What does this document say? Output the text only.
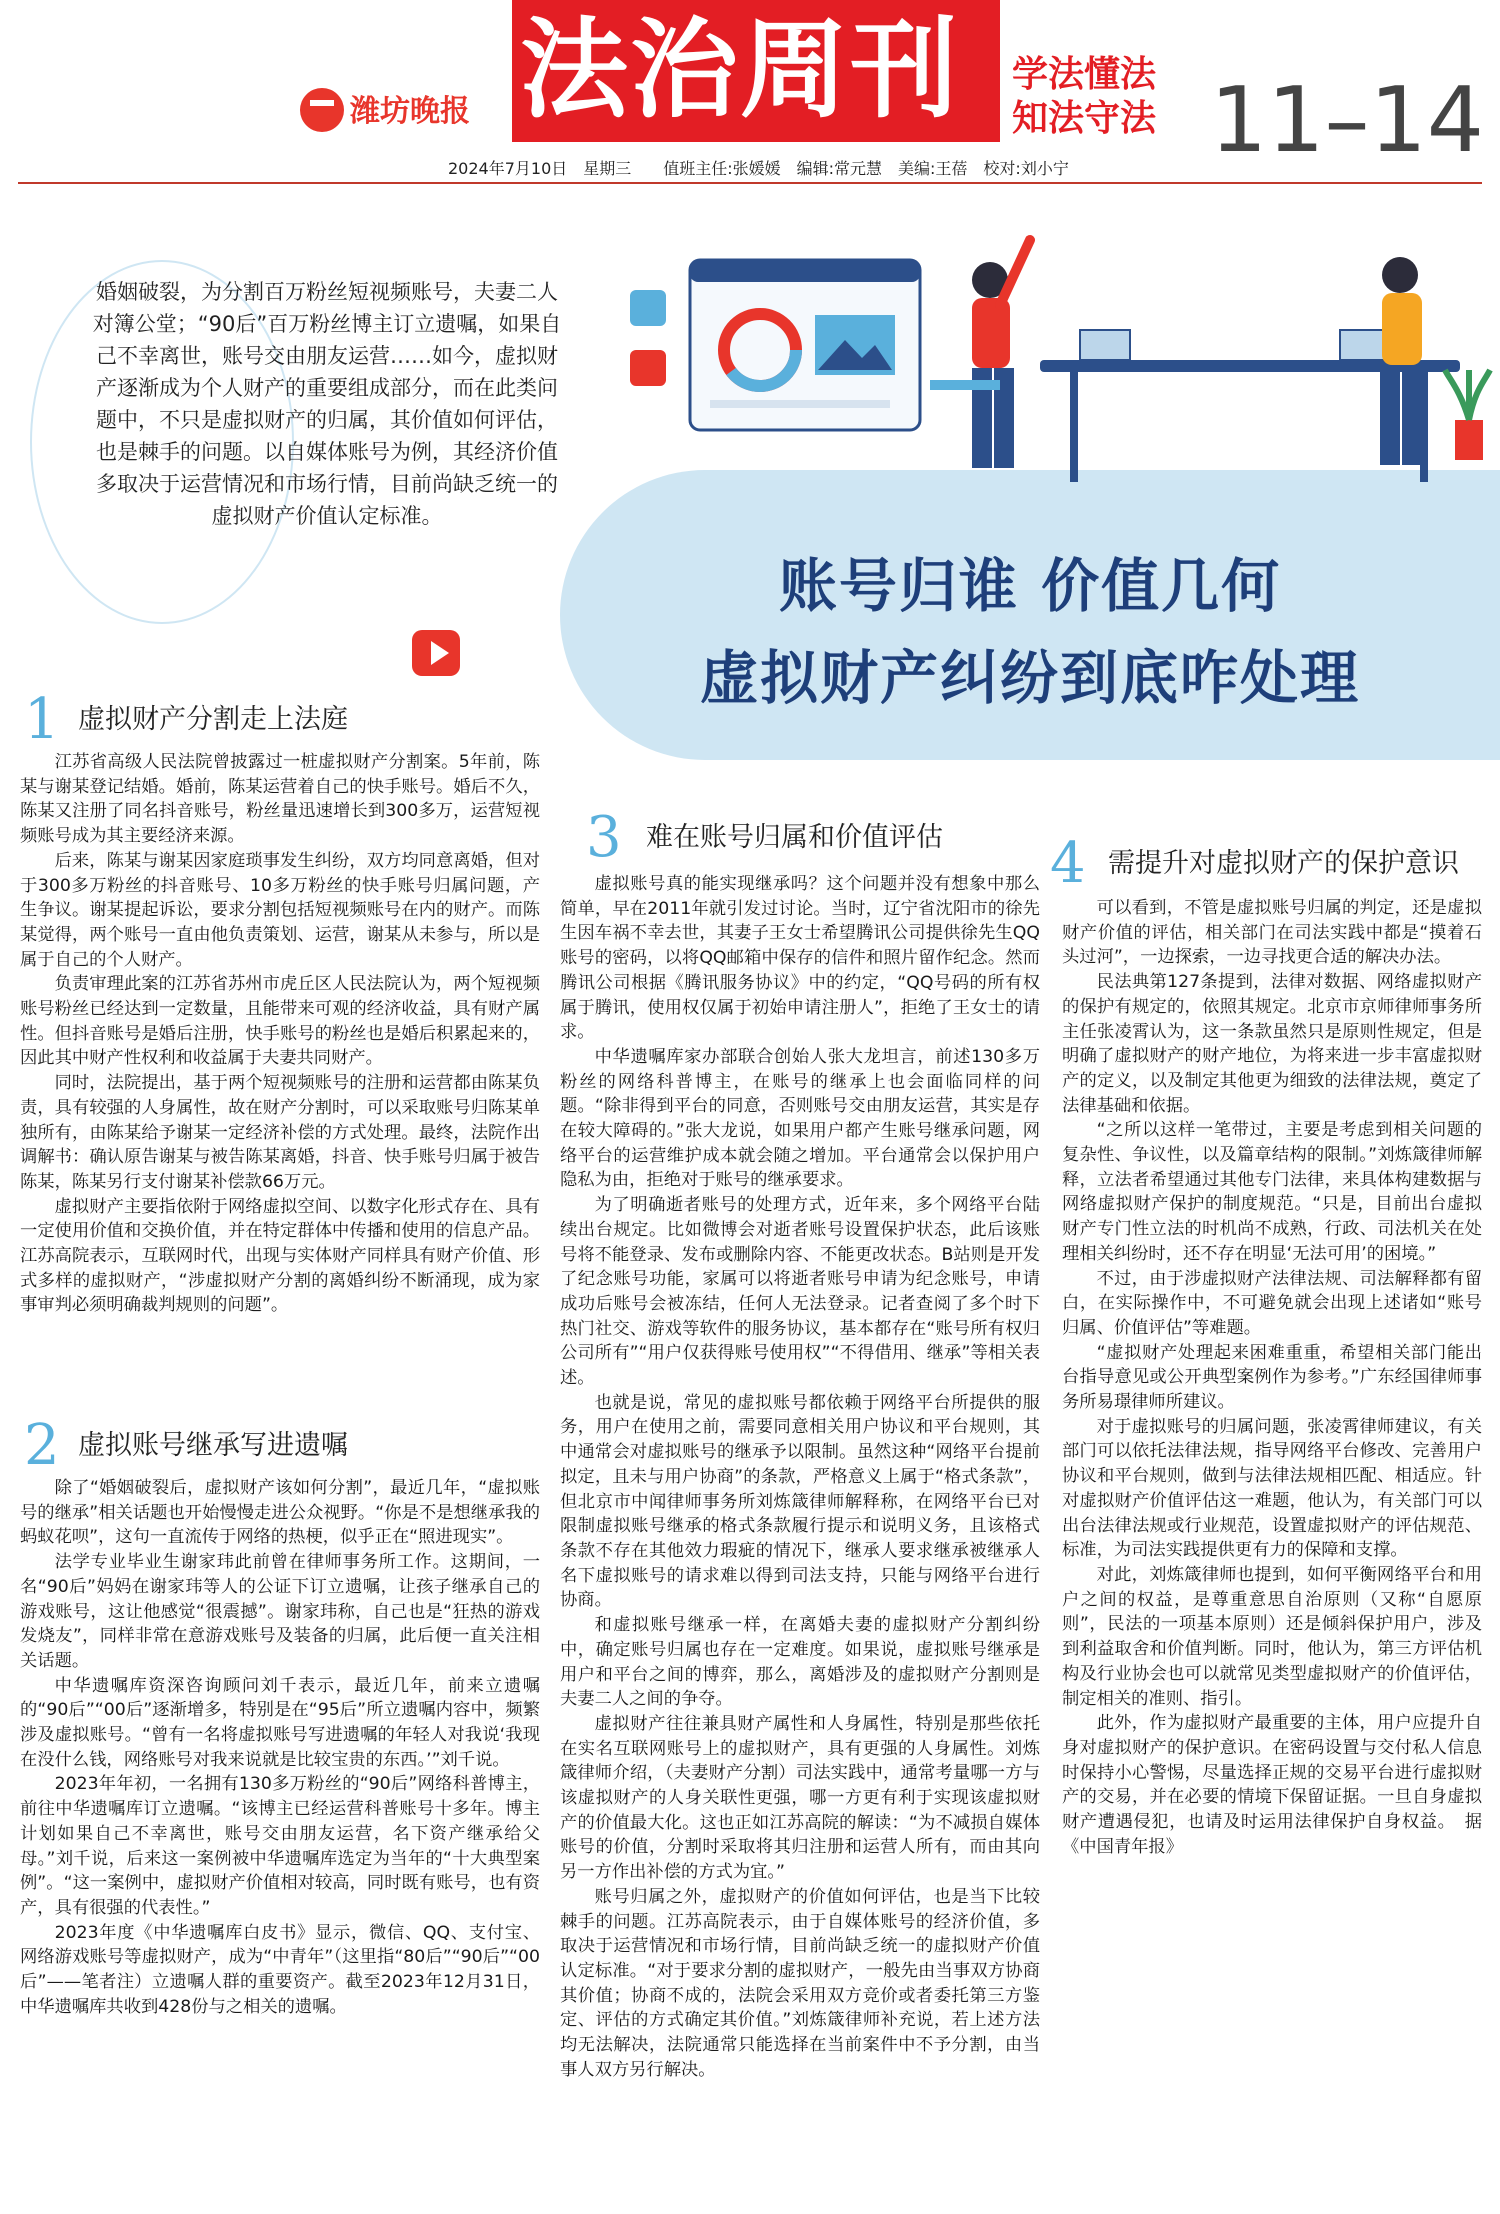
潍坊晚报 法治周刊 学法懂法
知法守法 11–14
2024年7月10日　星期三　　值班主任:张媛媛　编辑:常元慧　美编:王蓓　校对:刘小宁
婚姻破裂，为分割百万粉丝短视频账号，夫妻二人对簿公堂；“90后”百万粉丝博主订立遗嘱，如果自己不幸离世，账号交由朋友运营……如今，虚拟财产逐渐成为个人财产的重要组成部分，而在此类问题中，不只是虚拟财产的归属，其价值如何评估，也是棘手的问题。以自媒体账号为例，其经济价值多取决于运营情况和市场行情，目前尚缺乏统一的虚拟财产价值认定标准。
账号归谁 价值几何
虚拟财产纠纷到底咋处理
1 虚拟财产分割走上法庭

江苏省高级人民法院曾披露过一桩虚拟财产分割案。5年前，陈某与谢某登记结婚。婚前，陈某运营着自己的快手账号。婚后不久，陈某又注册了同名抖音账号，粉丝量迅速增长到300多万，运营短视频账号成为其主要经济来源。

后来，陈某与谢某因家庭琐事发生纠纷，双方均同意离婚，但对于300多万粉丝的抖音账号、10多万粉丝的快手账号归属问题，产生争议。谢某提起诉讼，要求分割包括短视频账号在内的财产。而陈某觉得，两个账号一直由他负责策划、运营，谢某从未参与，所以是属于自己的个人财产。

负责审理此案的江苏省苏州市虎丘区人民法院认为，两个短视频账号粉丝已经达到一定数量，且能带来可观的经济收益，具有财产属性。但抖音账号是婚后注册，快手账号的粉丝也是婚后积累起来的，因此其中财产性权利和收益属于夫妻共同财产。

同时，法院提出，基于两个短视频账号的注册和运营都由陈某负责，具有较强的人身属性，故在财产分割时，可以采取账号归陈某单独所有，由陈某给予谢某一定经济补偿的方式处理。最终，法院作出调解书：确认原告谢某与被告陈某离婚，抖音、快手账号归属于被告陈某，陈某另行支付谢某补偿款66万元。

虚拟财产主要指依附于网络虚拟空间、以数字化形式存在、具有一定使用价值和交换价值，并在特定群体中传播和使用的信息产品。江苏高院表示，互联网时代，出现与实体财产同样具有财产价值、形式多样的虚拟财产，“涉虚拟财产分割的离婚纠纷不断涌现，成为家事审判必须明确裁判规则的问题”。

2 虚拟账号继承写进遗嘱

除了“婚姻破裂后，虚拟财产该如何分割”，最近几年，“虚拟账号的继承”相关话题也开始慢慢走进公众视野。“你是不是想继承我的蚂蚁花呗”，这句一直流传于网络的热梗，似乎正在“照进现实”。

法学专业毕业生谢家玮此前曾在律师事务所工作。这期间，一名“90后”妈妈在谢家玮等人的公证下订立遗嘱，让孩子继承自己的游戏账号，这让他感觉“很震撼”。谢家玮称，自己也是“狂热的游戏发烧友”，同样非常在意游戏账号及装备的归属，此后便一直关注相关话题。

中华遗嘱库资深咨询顾问刘千表示，最近几年，前来立遗嘱的“90后”“00后”逐渐增多，特别是在“95后”所立遗嘱内容中，频繁涉及虚拟账号。“曾有一名将虚拟账号写进遗嘱的年轻人对我说‘我现在没什么钱，网络账号对我来说就是比较宝贵的东西。’”刘千说。

2023年年初，一名拥有130多万粉丝的“90后”网络科普博主，前往中华遗嘱库订立遗嘱。“该博主已经运营科普账号十多年。博主计划如果自己不幸离世，账号交由朋友运营，名下资产继承给父母。”刘千说，后来这一案例被中华遗嘱库选定为当年的“十大典型案例”。“这一案例中，虚拟财产价值相对较高，同时既有账号，也有资产，具有很强的代表性。”

2023年度《中华遗嘱库白皮书》显示，微信、QQ、支付宝、网络游戏账号等虚拟财产，成为“中青年”（这里指“80后”“90后”“00后”——笔者注）立遗嘱人群的重要资产。截至2023年12月31日，中华遗嘱库共收到428份与之相关的遗嘱。

3 难在账号归属和价值评估

虚拟账号真的能实现继承吗？这个问题并没有想象中那么简单，早在2011年就引发过讨论。当时，辽宁省沈阳市的徐先生因车祸不幸去世，其妻子王女士希望腾讯公司提供徐先生QQ账号的密码，以将QQ邮箱中保存的信件和照片留作纪念。然而腾讯公司根据《腾讯服务协议》中的约定，“QQ号码的所有权属于腾讯，使用权仅属于初始申请注册人”，拒绝了王女士的请求。

中华遗嘱库家办部联合创始人张大龙坦言，前述130多万粉丝的网络科普博主，在账号的继承上也会面临同样的问题。“除非得到平台的同意，否则账号交由朋友运营，其实是存在较大障碍的。”张大龙说，如果用户都产生账号继承问题，网络平台的运营维护成本就会随之增加。平台通常会以保护用户隐私为由，拒绝对于账号的继承要求。

为了明确逝者账号的处理方式，近年来，多个网络平台陆续出台规定。比如微博会对逝者账号设置保护状态，此后该账号将不能登录、发布或删除内容、不能更改状态。B站则是开发了纪念账号功能，家属可以将逝者账号申请为纪念账号，申请成功后账号会被冻结，任何人无法登录。记者查阅了多个时下热门社交、游戏等软件的服务协议，基本都存在“账号所有权归公司所有”“用户仅获得账号使用权”“不得借用、继承”等相关表述。

也就是说，常见的虚拟账号都依赖于网络平台所提供的服务，用户在使用之前，需要同意相关用户协议和平台规则，其中通常会对虚拟账号的继承予以限制。虽然这种“网络平台提前拟定，且未与用户协商”的条款，严格意义上属于“格式条款”，但北京市中闻律师事务所刘炼箴律师解释称，在网络平台已对限制虚拟账号继承的格式条款履行提示和说明义务，且该格式条款不存在其他效力瑕疵的情况下，继承人要求继承被继承人名下虚拟账号的请求难以得到司法支持，只能与网络平台进行协商。

和虚拟账号继承一样，在离婚夫妻的虚拟财产分割纠纷中，确定账号归属也存在一定难度。如果说，虚拟账号继承是用户和平台之间的博弈，那么，离婚涉及的虚拟财产分割则是夫妻二人之间的争夺。

虚拟财产往往兼具财产属性和人身属性，特别是那些依托在实名互联网账号上的虚拟财产，具有更强的人身属性。刘炼箴律师介绍，（夫妻财产分割）司法实践中，通常考量哪一方与该虚拟财产的人身关联性更强，哪一方更有利于实现该虚拟财产的价值最大化。这也正如江苏高院的解读：“为不减损自媒体账号的价值，分割时采取将其归注册和运营人所有，而由其向另一方作出补偿的方式为宜。”

账号归属之外，虚拟财产的价值如何评估，也是当下比较棘手的问题。江苏高院表示，由于自媒体账号的经济价值，多取决于运营情况和市场行情，目前尚缺乏统一的虚拟财产价值认定标准。“对于要求分割的虚拟财产，一般先由当事双方协商其价值；协商不成的，法院会采用双方竞价或者委托第三方鉴定、评估的方式确定其价值。”刘炼箴律师补充说，若上述方法均无法解决，法院通常只能选择在当前案件中不予分割，由当事人双方另行解决。

4 需提升对虚拟财产的保护意识

可以看到，不管是虚拟账号归属的判定，还是虚拟财产价值的评估，相关部门在司法实践中都是“摸着石头过河”，一边探索，一边寻找更合适的解决办法。

民法典第127条提到，法律对数据、网络虚拟财产的保护有规定的，依照其规定。北京市京师律师事务所主任张凌霄认为，这一条款虽然只是原则性规定，但是明确了虚拟财产的财产地位，为将来进一步丰富虚拟财产的定义，以及制定其他更为细致的法律法规，奠定了法律基础和依据。

“之所以这样一笔带过，主要是考虑到相关问题的复杂性、争议性，以及篇章结构的限制。”刘炼箴律师解释，立法者希望通过其他专门法律，来具体构建数据与网络虚拟财产保护的制度规范。“只是，目前出台虚拟财产专门性立法的时机尚不成熟，行政、司法机关在处理相关纠纷时，还不存在明显‘无法可用’的困境。”

不过，由于涉虚拟财产法律法规、司法解释都有留白，在实际操作中，不可避免就会出现上述诸如“账号归属、价值评估”等难题。

“虚拟财产处理起来困难重重，希望相关部门能出台指导意见或公开典型案例作为参考。”广东经国律师事务所易璟律师所建议。

对于虚拟账号的归属问题，张凌霄律师建议，有关部门可以依托法律法规，指导网络平台修改、完善用户协议和平台规则，做到与法律法规相匹配、相适应。针对虚拟财产价值评估这一难题，他认为，有关部门可以出台法律法规或行业规范，设置虚拟财产的评估规范、标准，为司法实践提供更有力的保障和支撑。

对此，刘炼箴律师也提到，如何平衡网络平台和用户之间的权益，是尊重意思自治原则（又称“自愿原则”，民法的一项基本原则）还是倾斜保护用户，涉及到利益取舍和价值判断。同时，他认为，第三方评估机构及行业协会也可以就常见类型虚拟财产的价值评估，制定相关的准则、指引。

此外，作为虚拟财产最重要的主体，用户应提升自身对虚拟财产的保护意识。在密码设置与交付私人信息时保持小心警惕，尽量选择正规的交易平台进行虚拟财产的交易，并在必要的情境下保留证据。一旦自身虚拟财产遭遇侵犯，也请及时运用法律保护自身权益。　据《中国青年报》
